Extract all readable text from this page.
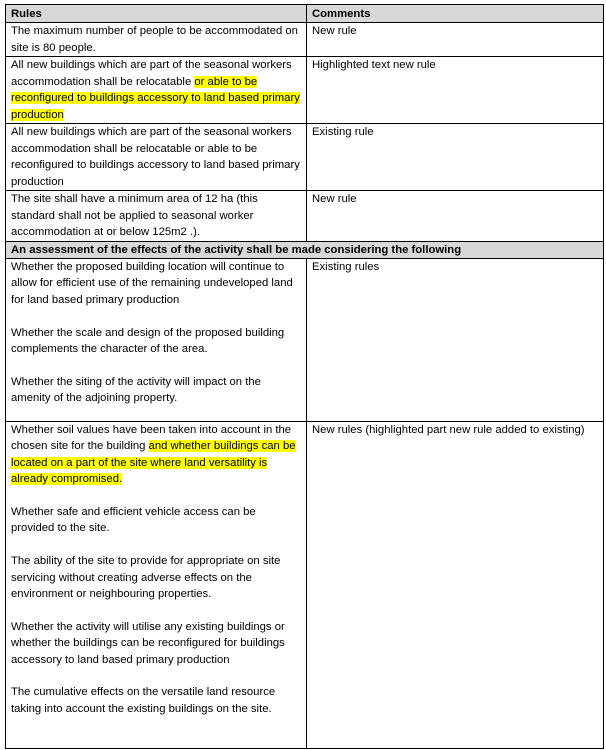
Rules	Comments
The maximum number of people to be accommodated on site is 80 people.	New rule
All new buildings which are part of the seasonal workers accommodation shall be relocatable or able to be reconfigured to buildings accessory to land based primary production	Highlighted text new rule
All new buildings which are part of the seasonal workers accommodation shall be relocatable or able to be reconfigured to buildings accessory to land based primary production	Existing rule
The site shall have a minimum area of 12 ha (this standard shall not be applied to seasonal worker accommodation at or below 125m2 .).	New rule
An assessment of the effects of the activity shall be made considering the following	

Whether the proposed building location will continue to allow for efficient use of the remaining undeveloped land for land based primary production

Whether the scale and design of the proposed building complements the character of the area.

Whether the siting of the activity will impact on the amenity of the adjoining property.	Existing rules

Whether soil values have been taken into account in the chosen site for the building and whether buildings can be located on a part of the site where land versatility is already compromised.

Whether safe and efficient vehicle access can be provided to the site.

The ability of the site to provide for appropriate on site servicing without creating adverse effects on the environment or neighbouring properties.

Whether the activity will utilise any existing buildings or whether the buildings can be reconfigured for buildings accessory to land based primary production

The cumulative effects on the versatile land resource taking into account the existing buildings on the site.	New rules (highlighted part new rule added to existing)
